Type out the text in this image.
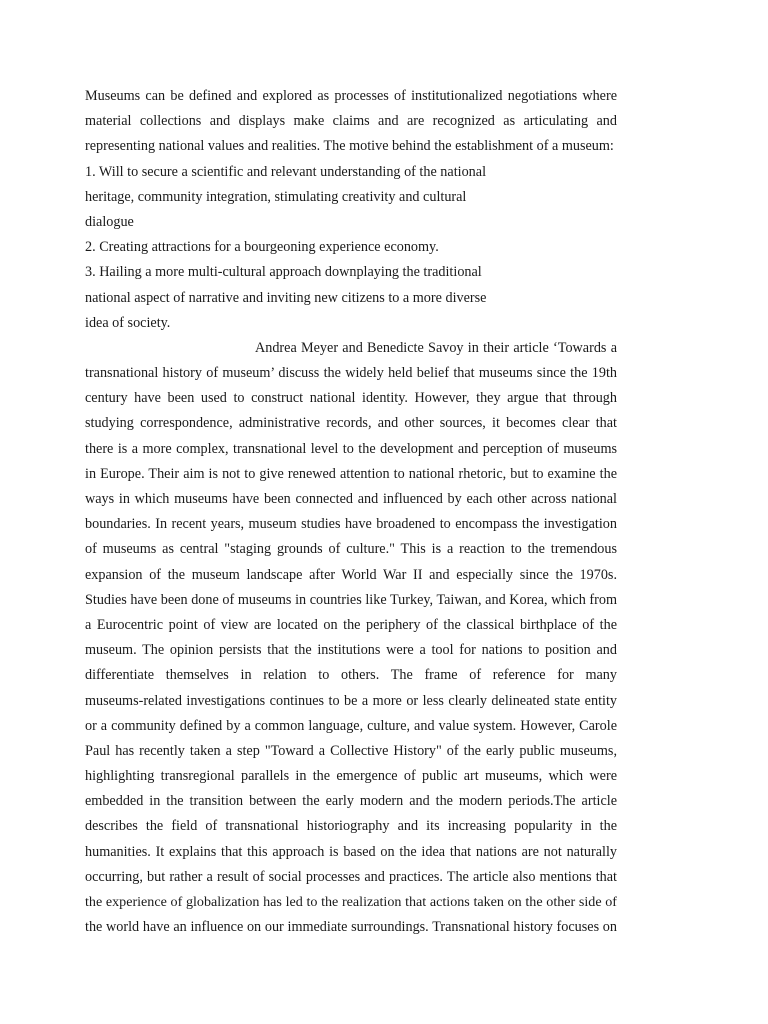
Museums can be defined and explored as processes of institutionalized negotiations where
material collections and displays make claims and are recognized as articulating and
representing national values and realities. The motive behind the establishment of a museum:
1. Will to secure a scientific and relevant understanding of the national
heritage, community integration, stimulating creativity and cultural
dialogue
2. Creating attractions for a bourgeoning experience economy.
3. Hailing a more multi-cultural approach downplaying the traditional
national aspect of narrative and inviting new citizens to a more diverse
idea of society.
Andrea Meyer and Benedicte Savoy in their article ‘Towards a
transnational history of museum’ discuss the widely held belief that museums since the 19th
century have been used to construct national identity. However, they argue that through
studying correspondence, administrative records, and other sources, it becomes clear that
there is a more complex, transnational level to the development and perception of museums
in Europe. Their aim is not to give renewed attention to national rhetoric, but to examine the
ways in which museums have been connected and influenced by each other across national
boundaries. In recent years, museum studies have broadened to encompass the investigation
of museums as central "staging grounds of culture." This is a reaction to the tremendous
expansion of the museum landscape after World War II and especially since the 1970s.
Studies have been done of museums in countries like Turkey, Taiwan, and Korea, which from
a Eurocentric point of view are located on the periphery of the classical birthplace of the
museum. The opinion persists that the institutions were a tool for nations to position and
differentiate themselves in relation to others. The frame of reference for many
museums-related investigations continues to be a more or less clearly delineated state entity
or a community defined by a common language, culture, and value system. However, Carole
Paul has recently taken a step "Toward a Collective History" of the early public museums,
highlighting transregional parallels in the emergence of public art museums, which were
embedded in the transition between the early modern and the modern periods.The article
describes the field of transnational historiography and its increasing popularity in the
humanities. It explains that this approach is based on the idea that nations are not naturally
occurring, but rather a result of social processes and practices. The article also mentions that
the experience of globalization has led to the realization that actions taken on the other side of
the world have an influence on our immediate surroundings. Transnational history focuses on
